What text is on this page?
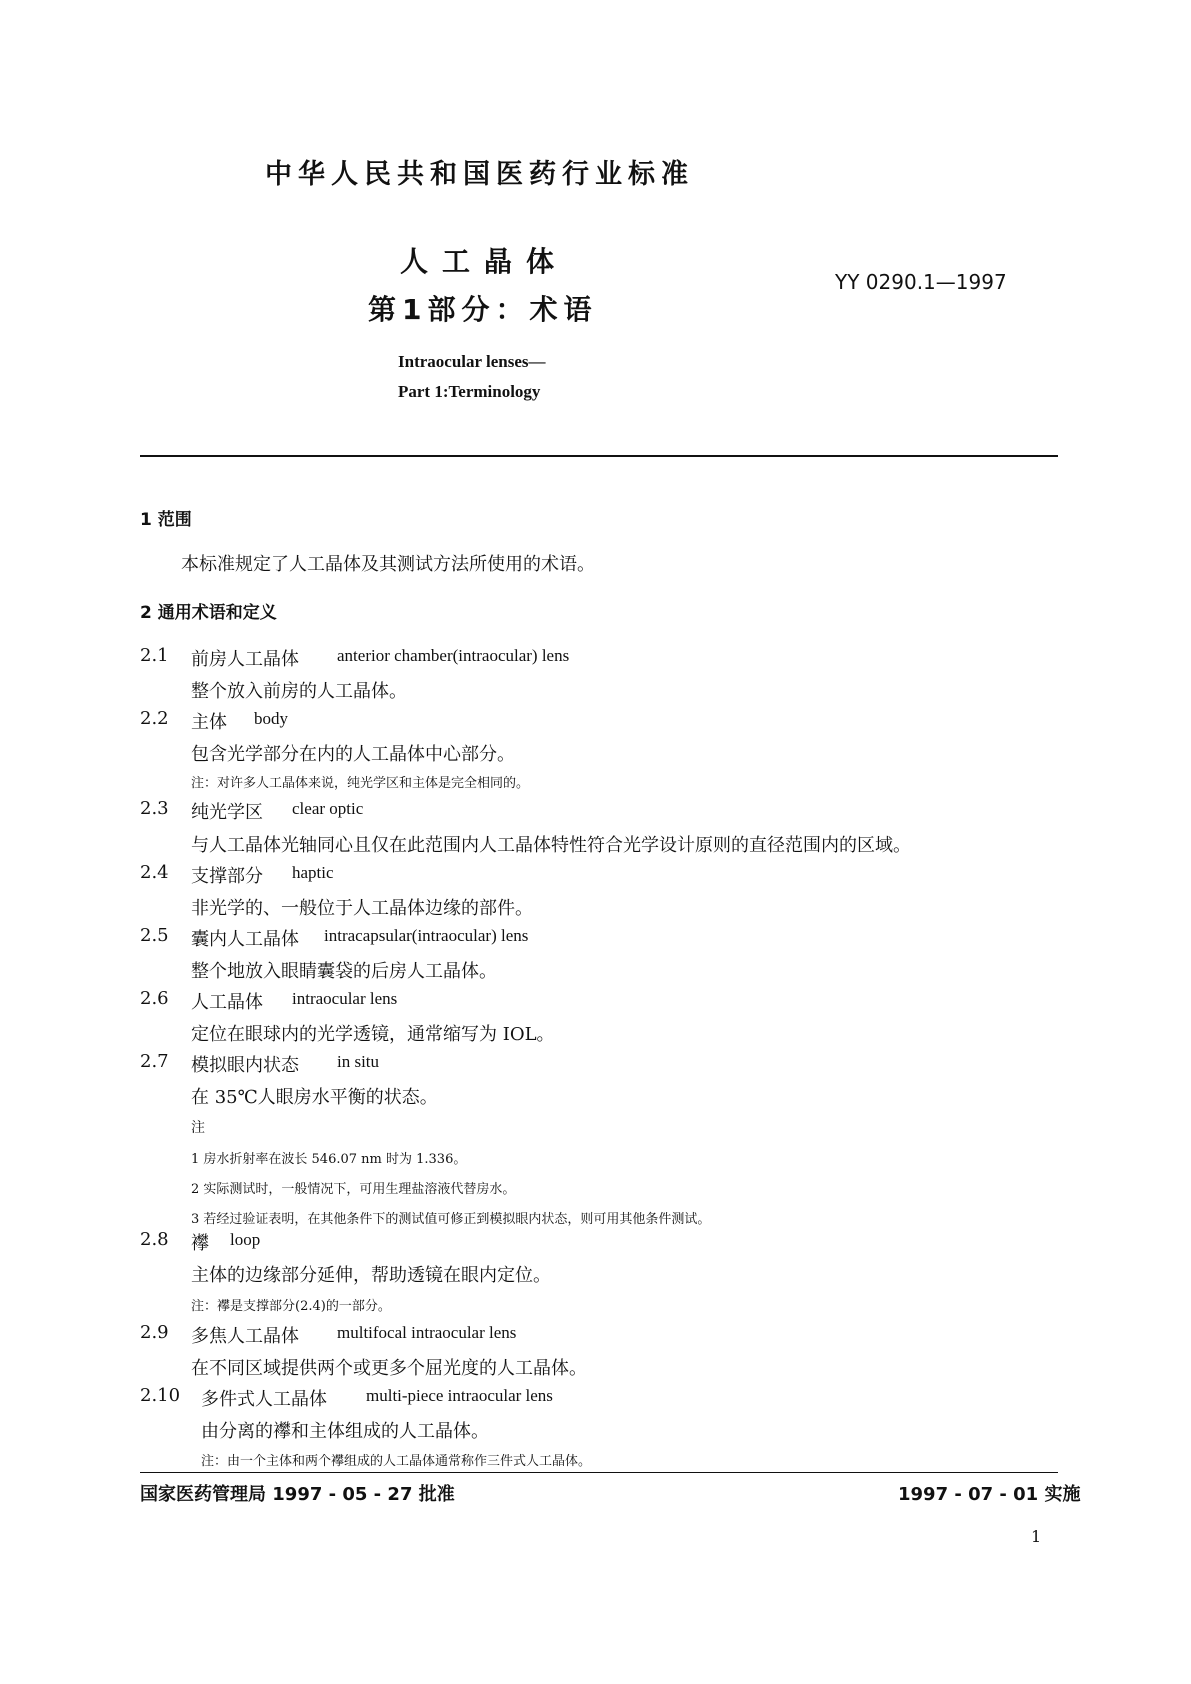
中华人民共和国医药行业标准
人工晶体
第1部分：术语
YY 0290.1—1997
Intraocular lenses—
Part 1:Terminology
1 范围
本标准规定了人工晶体及其测试方法所使用的术语。
2 通用术语和定义
2.1 前房人工晶体 anterior chamber(intraocular) lens
整个放入前房的人工晶体。
2.2 主体 body
包含光学部分在内的人工晶体中心部分。
注：对许多人工晶体来说，纯光学区和主体是完全相同的。
2.3 纯光学区 clear optic
与人工晶体光轴同心且仅在此范围内人工晶体特性符合光学设计原则的直径范围内的区域。
2.4 支撑部分 haptic
非光学的、一般位于人工晶体边缘的部件。
2.5 囊内人工晶体 intracapsular(intraocular) lens
整个地放入眼睛囊袋的后房人工晶体。
2.6 人工晶体 intraocular lens
定位在眼球内的光学透镜，通常缩写为 IOL。
2.7 模拟眼内状态 in situ
在 35℃人眼房水平衡的状态。
注
1 房水折射率在波长 546.07 nm 时为 1.336。
2 实际测试时，一般情况下，可用生理盐溶液代替房水。
3 若经过验证表明，在其他条件下的测试值可修正到模拟眼内状态，则可用其他条件测试。
2.8 襻 loop
主体的边缘部分延伸，帮助透镜在眼内定位。
注：襻是支撑部分(2.4)的一部分。
2.9 多焦人工晶体 multifocal intraocular lens
在不同区域提供两个或更多个屈光度的人工晶体。
2.10 多件式人工晶体 multi-piece intraocular lens
由分离的襻和主体组成的人工晶体。
注：由一个主体和两个襻组成的人工晶体通常称作三件式人工晶体。
国家医药管理局 1997 - 05 - 27 批准	1997 - 07 - 01 实施
1
